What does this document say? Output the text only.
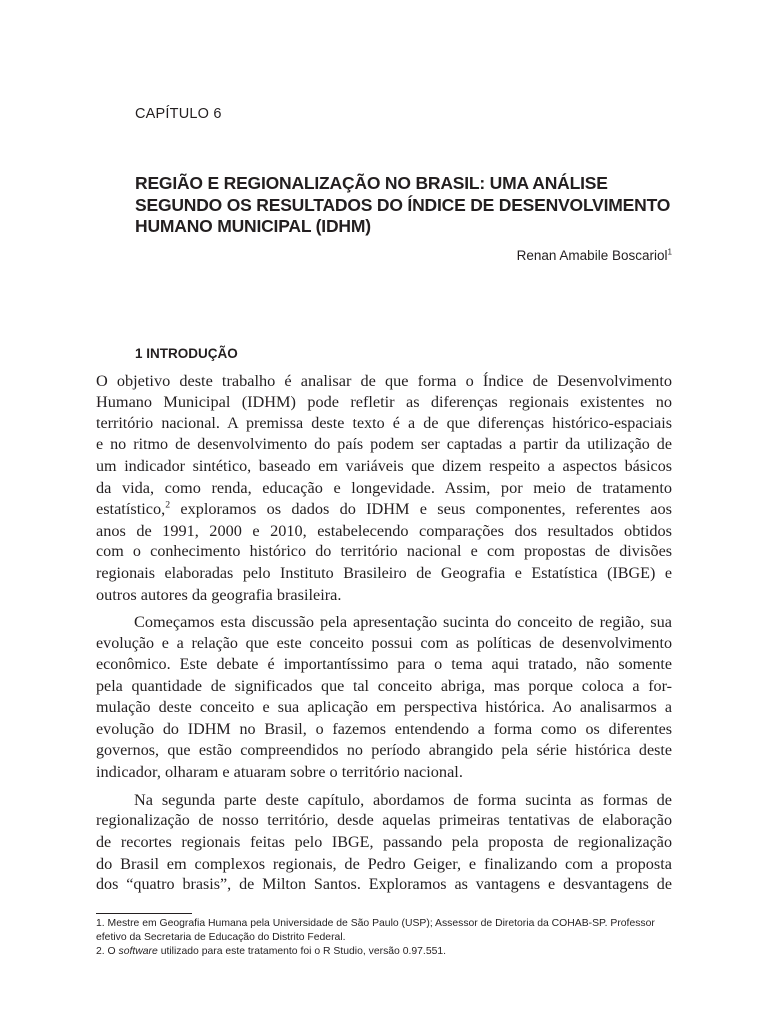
CAPÍTULO 6
REGIÃO E REGIONALIZAÇÃO NO BRASIL: UMA ANÁLISE
SEGUNDO OS RESULTADOS DO ÍNDICE DE DESENVOLVIMENTO
HUMANO MUNICIPAL (IDHM)
Renan Amabile Boscariol$^1$
1 INTRODUÇÃO

O objetivo deste trabalho é analisar de que forma o Índice de Desenvolvimento
Humano Municipal (IDHM) pode refletir as diferenças regionais existentes no
território nacional. A premissa deste texto é a de que diferenças histórico-espaciais
e no ritmo de desenvolvimento do país podem ser captadas a partir da utilização de
um indicador sintético, baseado em variáveis que dizem respeito a aspectos básicos
da vida, como renda, educação e longevidade. Assim, por meio de tratamento
estatístico,$^2$ exploramos os dados do IDHM e seus componentes, referentes aos
anos de 1991, 2000 e 2010, estabelecendo comparações dos resultados obtidos
com o conhecimento histórico do território nacional e com propostas de divisões
regionais elaboradas pelo Instituto Brasileiro de Geografia e Estatística (IBGE) e
outros autores da geografia brasileira.

Começamos esta discussão pela apresentação sucinta do conceito de região, sua
evolução e a relação que este conceito possui com as políticas de desenvolvimento
econômico. Este debate é importantíssimo para o tema aqui tratado, não somente
pela quantidade de significados que tal conceito abriga, mas porque coloca a for-
mulação deste conceito e sua aplicação em perspectiva histórica. Ao analisarmos a
evolução do IDHM no Brasil, o fazemos entendendo a forma como os diferentes
governos, que estão compreendidos no período abrangido pela série histórica deste
indicador, olharam e atuaram sobre o território nacional.

Na segunda parte deste capítulo, abordamos de forma sucinta as formas de
regionalização de nosso território, desde aquelas primeiras tentativas de elaboração
de recortes regionais feitas pelo IBGE, passando pela proposta de regionalização
do Brasil em complexos regionais, de Pedro Geiger, e finalizando com a proposta
dos “quatro brasis”, de Milton Santos. Exploramos as vantagens e desvantagens de

1. Mestre em Geografia Humana pela Universidade de São Paulo (USP); Assessor de Diretoria da COHAB-SP. Professor
efetivo da Secretaria de Educação do Distrito Federal.

2. O software utilizado para este tratamento foi o R Studio, versão 0.97.551.
